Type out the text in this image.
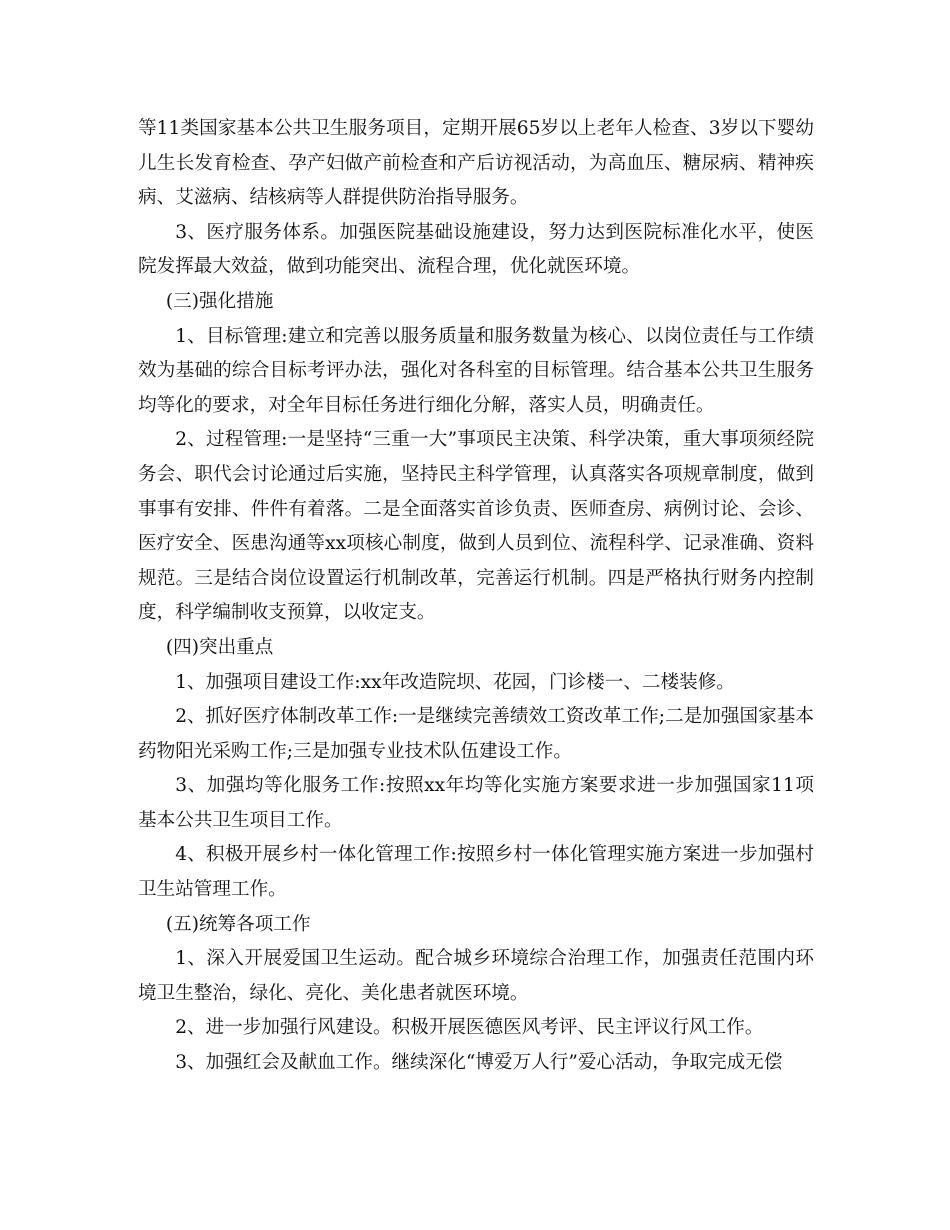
等11类国家基本公共卫生服务项目，定期开展65岁以上老年人检查、3岁以下婴幼儿生长发育检查、孕产妇做产前检查和产后访视活动，为高血压、糖尿病、精神疾病、艾滋病、结核病等人群提供防治指导服务。

3、医疗服务体系。加强医院基础设施建设，努力达到医院标准化水平，使医院发挥最大效益，做到功能突出、流程合理，优化就医环境。

(三)强化措施

1、目标管理:建立和完善以服务质量和服务数量为核心、以岗位责任与工作绩效为基础的综合目标考评办法，强化对各科室的目标管理。结合基本公共卫生服务均等化的要求，对全年目标任务进行细化分解，落实人员，明确责任。

2、过程管理:一是坚持“三重一大”事项民主决策、科学决策，重大事项须经院务会、职代会讨论通过后实施，坚持民主科学管理，认真落实各项规章制度，做到事事有安排、件件有着落。二是全面落实首诊负责、医师查房、病例讨论、会诊、医疗安全、医患沟通等xx项核心制度，做到人员到位、流程科学、记录准确、资料规范。三是结合岗位设置运行机制改革，完善运行机制。四是严格执行财务内控制度，科学编制收支预算，以收定支。

(四)突出重点

1、加强项目建设工作:xx年改造院坝、花园，门诊楼一、二楼装修。

2、抓好医疗体制改革工作:一是继续完善绩效工资改革工作;二是加强国家基本药物阳光采购工作;三是加强专业技术队伍建设工作。

3、加强均等化服务工作:按照xx年均等化实施方案要求进一步加强国家11项基本公共卫生项目工作。

4、积极开展乡村一体化管理工作:按照乡村一体化管理实施方案进一步加强村卫生站管理工作。

(五)统筹各项工作

1、深入开展爱国卫生运动。配合城乡环境综合治理工作，加强责任范围内环境卫生整治，绿化、亮化、美化患者就医环境。

2、进一步加强行风建设。积极开展医德医风考评、民主评议行风工作。

3、加强红会及献血工作。继续深化“博爱万人行”爱心活动，争取完成无偿
